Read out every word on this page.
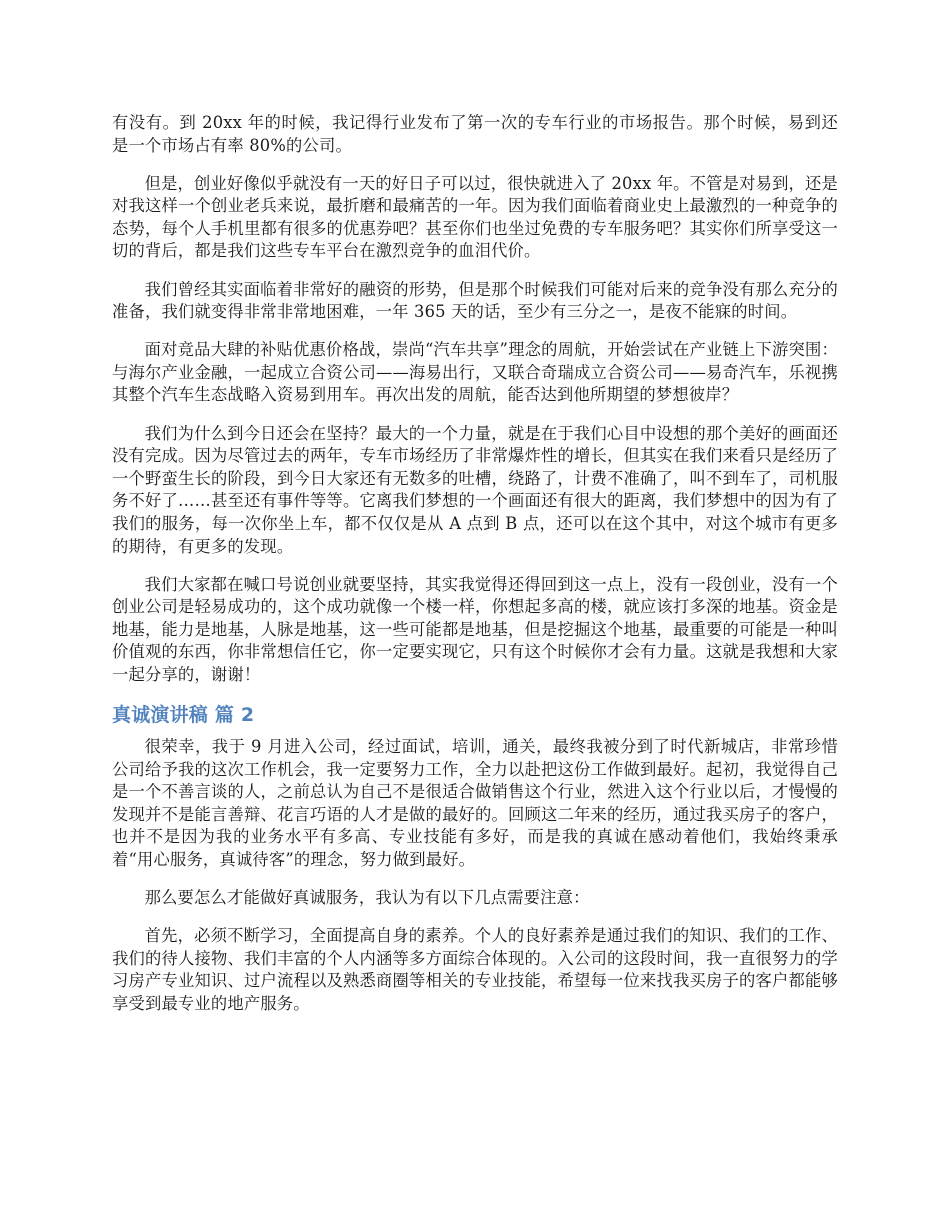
有没有。到 20xx 年的时候，我记得行业发布了第一次的专车行业的市场报告。那个时候，易到还是一个市场占有率 80%的公司。

但是，创业好像似乎就没有一天的好日子可以过，很快就进入了 20xx 年。不管是对易到，还是对我这样一个创业老兵来说，最折磨和最痛苦的一年。因为我们面临着商业史上最激烈的一种竞争的态势，每个人手机里都有很多的优惠券吧？甚至你们也坐过免费的专车服务吧？其实你们所享受这一切的背后，都是我们这些专车平台在激烈竞争的血泪代价。

我们曾经其实面临着非常好的融资的形势，但是那个时候我们可能对后来的竞争没有那么充分的准备，我们就变得非常非常地困难，一年 365 天的话，至少有三分之一，是夜不能寐的时间。

面对竞品大肆的补贴优惠价格战，崇尚“汽车共享”理念的周航，开始尝试在产业链上下游突围：与海尔产业金融，一起成立合资公司——海易出行，又联合奇瑞成立合资公司——易奇汽车，乐视携其整个汽车生态战略入资易到用车。再次出发的周航，能否达到他所期望的梦想彼岸？

我们为什么到今日还会在坚持？最大的一个力量，就是在于我们心目中设想的那个美好的画面还没有完成。因为尽管过去的两年，专车市场经历了非常爆炸性的增长，但其实在我们来看只是经历了一个野蛮生长的阶段，到今日大家还有无数多的吐槽，绕路了，计费不准确了，叫不到车了，司机服务不好了……甚至还有事件等等。它离我们梦想的一个画面还有很大的距离，我们梦想中的因为有了我们的服务，每一次你坐上车，都不仅仅是从 A 点到 B 点，还可以在这个其中，对这个城市有更多的期待，有更多的发现。

我们大家都在喊口号说创业就要坚持，其实我觉得还得回到这一点上，没有一段创业，没有一个创业公司是轻易成功的，这个成功就像一个楼一样，你想起多高的楼，就应该打多深的地基。资金是地基，能力是地基，人脉是地基，这一些可能都是地基，但是挖掘这个地基，最重要的可能是一种叫价值观的东西，你非常想信任它，你一定要实现它，只有这个时候你才会有力量。这就是我想和大家一起分享的，谢谢！

真诚演讲稿 篇 2

很荣幸，我于 9 月进入公司，经过面试，培训，通关，最终我被分到了时代新城店，非常珍惜公司给予我的这次工作机会，我一定要努力工作，全力以赴把这份工作做到最好。起初，我觉得自己是一个不善言谈的人，之前总认为自己不是很适合做销售这个行业，然进入这个行业以后，才慢慢的发现并不是能言善辩、花言巧语的人才是做的最好的。回顾这二年来的经历，通过我买房子的客户，也并不是因为我的业务水平有多高、专业技能有多好，而是我的真诚在感动着他们，我始终秉承着“用心服务，真诚待客”的理念，努力做到最好。

那么要怎么才能做好真诚服务，我认为有以下几点需要注意：

首先，必须不断学习，全面提高自身的素养。个人的良好素养是通过我们的知识、我们的工作、我们的待人接物、我们丰富的个人内涵等多方面综合体现的。入公司的这段时间，我一直很努力的学习房产专业知识、过户流程以及熟悉商圈等相关的专业技能，希望每一位来找我买房子的客户都能够享受到最专业的地产服务。
